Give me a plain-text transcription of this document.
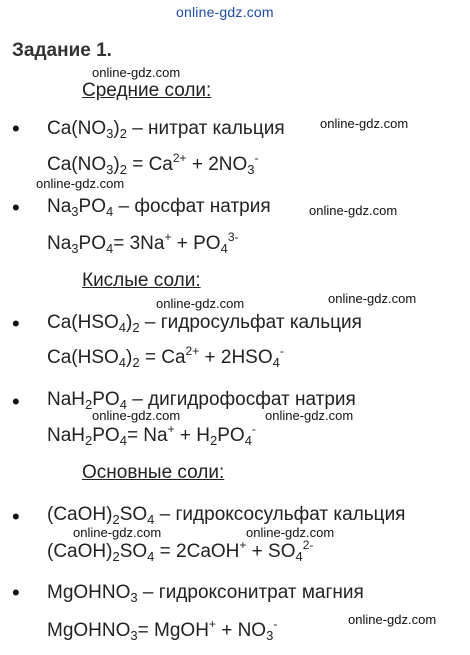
online-gdz.com
Задание 1.
Средние соли:
Кислые соли:
Основные соли:
•
•
•
•
•
•
$Ca(NO_3)_2$ – нитрат кальция
$Ca(NO_3)_2 = Ca^{2+} + 2NO_3^-$
$Na_3PO_4$ – фосфат натрия
$Na_3PO_4= 3Na^+ + PO_4^{3-}$
$Ca(HSO_4)_2$ – гидросульфат кальция
$Ca(HSO_4)_2 = Ca^{2+} + 2HSO_4^-$
$NaH_2PO_4$ – дигидрофосфат натрия
$NaH_2PO_4= Na^+ + H_2PO_4^-$
$(CaOH)_2SO_4$ – гидроксосульфат кальция
$(CaOH)_2SO_4$ = 2CaOH+ + $SO_4^{2-}$
MgOHNO$_3$ – гидроксонитрат магния
MgOHNO$_3$= MgOH+ + $NO_3^-$
online-gdz.com
online-gdz.com
online-gdz.com
online-gdz.com
online-gdz.com	online-gdz.com
online-gdz.com	online-gdz.com
online-gdz.com	online-gdz.com
online-gdz.com
